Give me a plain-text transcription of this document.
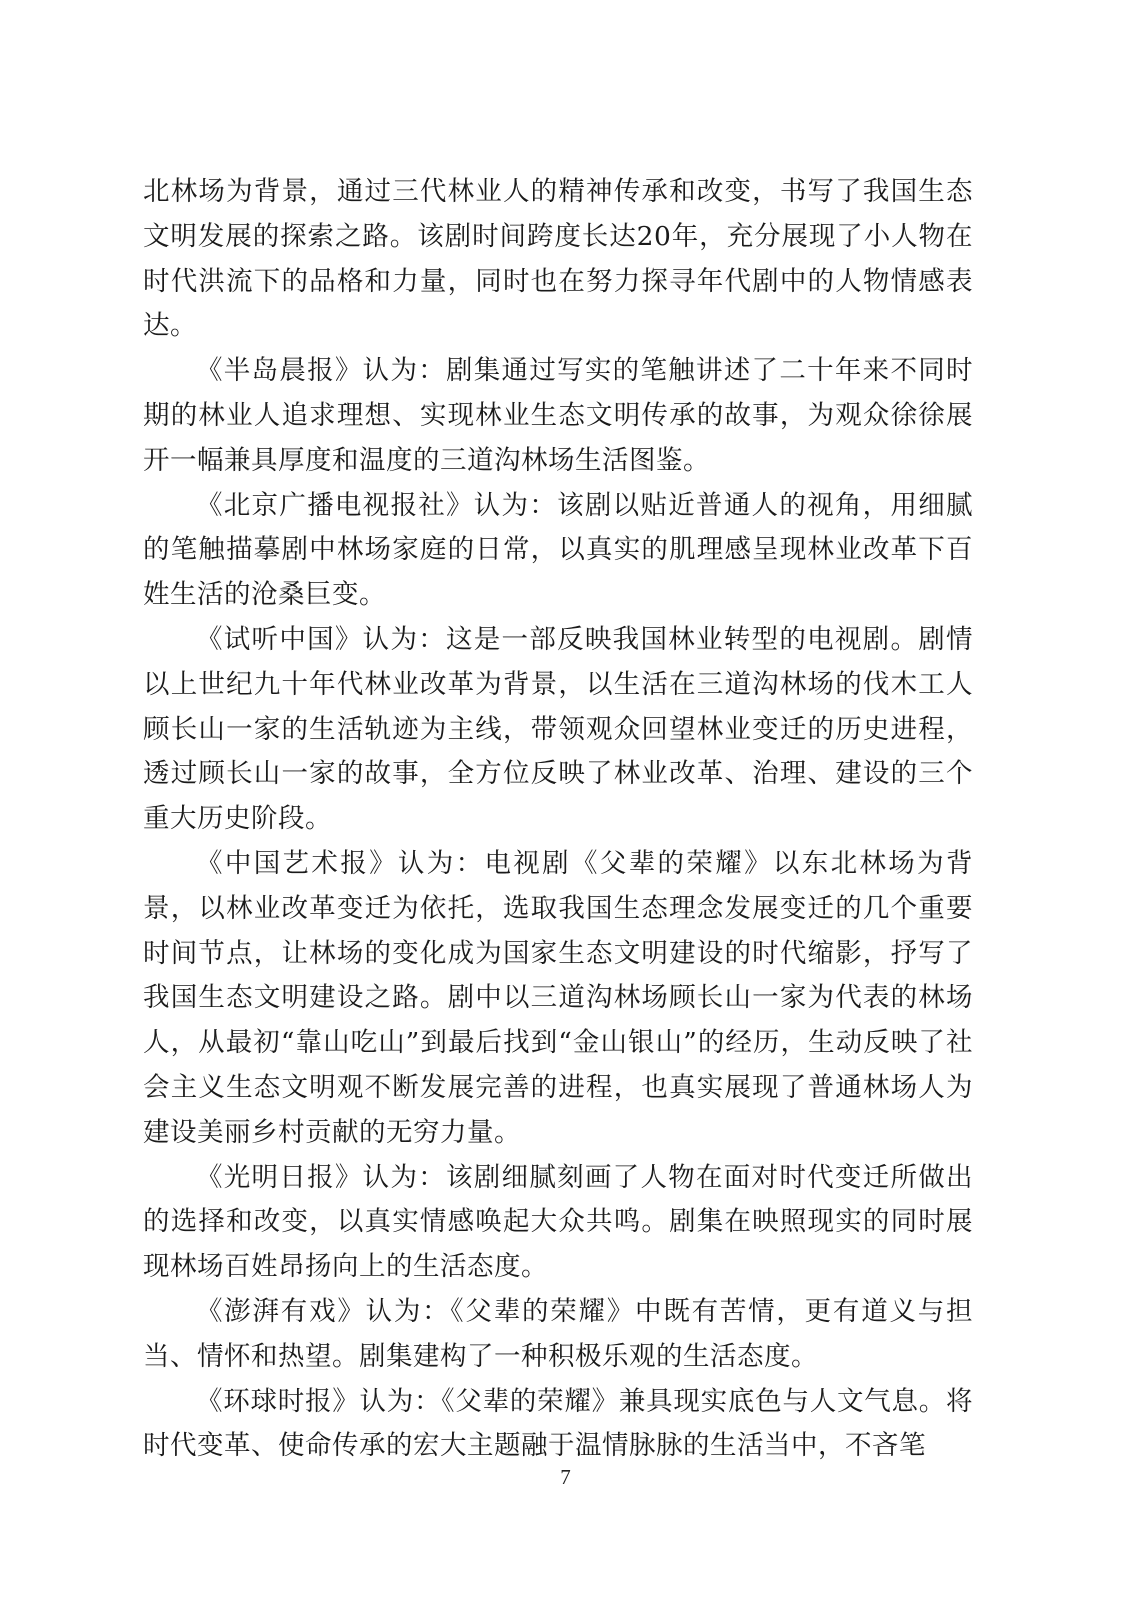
北林场为背景，通过三代林业人的精神传承和改变，书写了我国生态文明发展的探索之路。该剧时间跨度长达20年，充分展现了小人物在时代洪流下的品格和力量，同时也在努力探寻年代剧中的人物情感表达。

《半岛晨报》认为：剧集通过写实的笔触讲述了二十年来不同时期的林业人追求理想、实现林业生态文明传承的故事，为观众徐徐展开一幅兼具厚度和温度的三道沟林场生活图鉴。

《北京广播电视报社》认为：该剧以贴近普通人的视角，用细腻的笔触描摹剧中林场家庭的日常，以真实的肌理感呈现林业改革下百姓生活的沧桑巨变。

《试听中国》认为：这是一部反映我国林业转型的电视剧。剧情以上世纪九十年代林业改革为背景，以生活在三道沟林场的伐木工人顾长山一家的生活轨迹为主线，带领观众回望林业变迁的历史进程，透过顾长山一家的故事，全方位反映了林业改革、治理、建设的三个重大历史阶段。

《中国艺术报》认为：电视剧《父辈的荣耀》以东北林场为背景，以林业改革变迁为依托，选取我国生态理念发展变迁的几个重要时间节点，让林场的变化成为国家生态文明建设的时代缩影，抒写了我国生态文明建设之路。剧中以三道沟林场顾长山一家为代表的林场人，从最初“靠山吃山”到最后找到“金山银山”的经历，生动反映了社会主义生态文明观不断发展完善的进程，也真实展现了普通林场人为建设美丽乡村贡献的无穷力量。

《光明日报》认为：该剧细腻刻画了人物在面对时代变迁所做出的选择和改变，以真实情感唤起大众共鸣。剧集在映照现实的同时展现林场百姓昂扬向上的生活态度。

《澎湃有戏》认为：《父辈的荣耀》中既有苦情，更有道义与担当、情怀和热望。剧集建构了一种积极乐观的生活态度。

《环球时报》认为：《父辈的荣耀》兼具现实底色与人文气息。将时代变革、使命传承的宏大主题融于温情脉脉的生活当中，不吝笔

7
